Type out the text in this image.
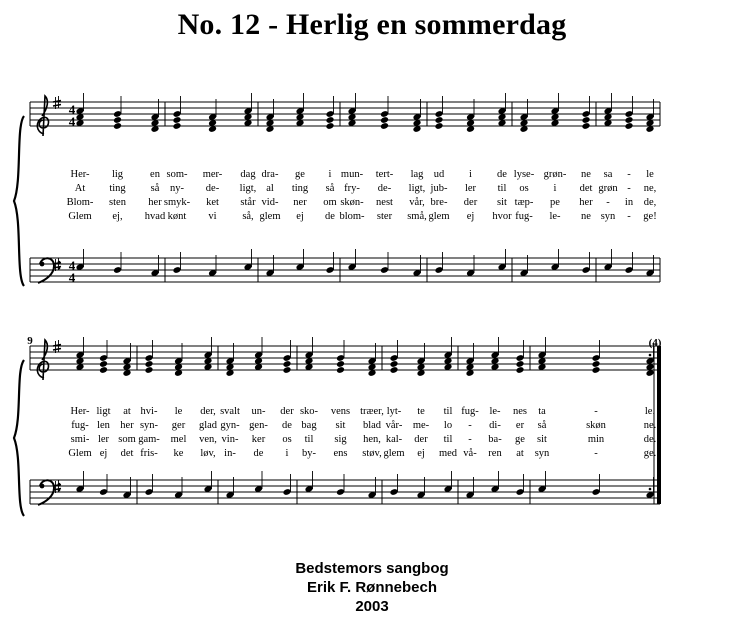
No. 12 - Herlig en sommerdag
4
4
4
4
Her- lig	en som- mer- dag dra- ge i mun- tert- lag ud i de lyse- grøn- ne sa - le
At ting så ny- de- ligt, al ting så fry- de- ligt, jub- ler til os i det grøn - ne,
Blom- sten her smyk- ket står vid- ner om skøn- nest vår, bre- der sit tæp- pe her - in de,
Glem ej, hvad kønt vi så, glem ej de blom- ster små, glem ej hvor fug- le- ne syn - ge!
Her- ligt at hvi- le der, svalt un- der sko- vens træer, lyt- te til fug- le- nes ta	-	le.
fug- len her syn- ger glad gyn- gen- de bag sit blad vår- me- lo - di- er så	skøn	ne.
smi- ler som gam- mel ven, vin- ker os til sig hen, kal- der til - ba- ge sit	min	de.
Glem ej det fris- ke løv, in- de i by- ens støv, glem ej med vå- ren at syn	-	ge.
9	(4)
Bedstemors sangbog
Erik F. Rønnebech
2003
